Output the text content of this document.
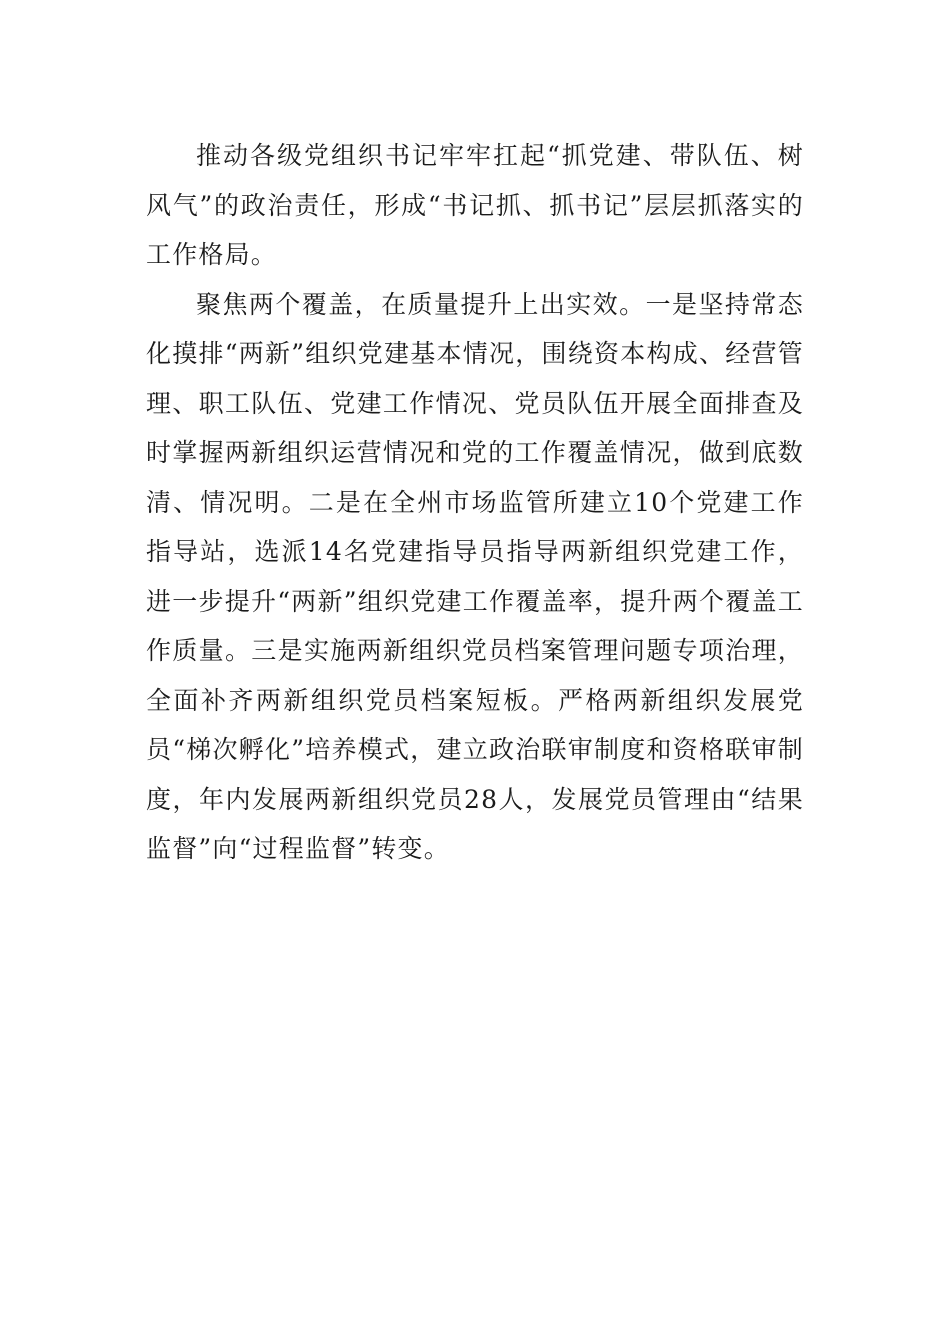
推动各级党组织书记牢牢扛起“抓党建、带队伍、树风气”的政治责任，形成“书记抓、抓书记”层层抓落实的工作格局。

聚焦两个覆盖，在质量提升上出实效。一是坚持常态化摸排“两新”组织党建基本情况，围绕资本构成、经营管理、职工队伍、党建工作情况、党员队伍开展全面排查及时掌握两新组织运营情况和党的工作覆盖情况，做到底数清、情况明。二是在全州市场监管所建立10个党建工作指导站，选派14名党建指导员指导两新组织党建工作，进一步提升“两新”组织党建工作覆盖率，提升两个覆盖工作质量。三是实施两新组织党员档案管理问题专项治理，全面补齐两新组织党员档案短板。严格两新组织发展党员“梯次孵化”培养模式，建立政治联审制度和资格联审制度，年内发展两新组织党员28人，发展党员管理由“结果监督”向“过程监督”转变。
